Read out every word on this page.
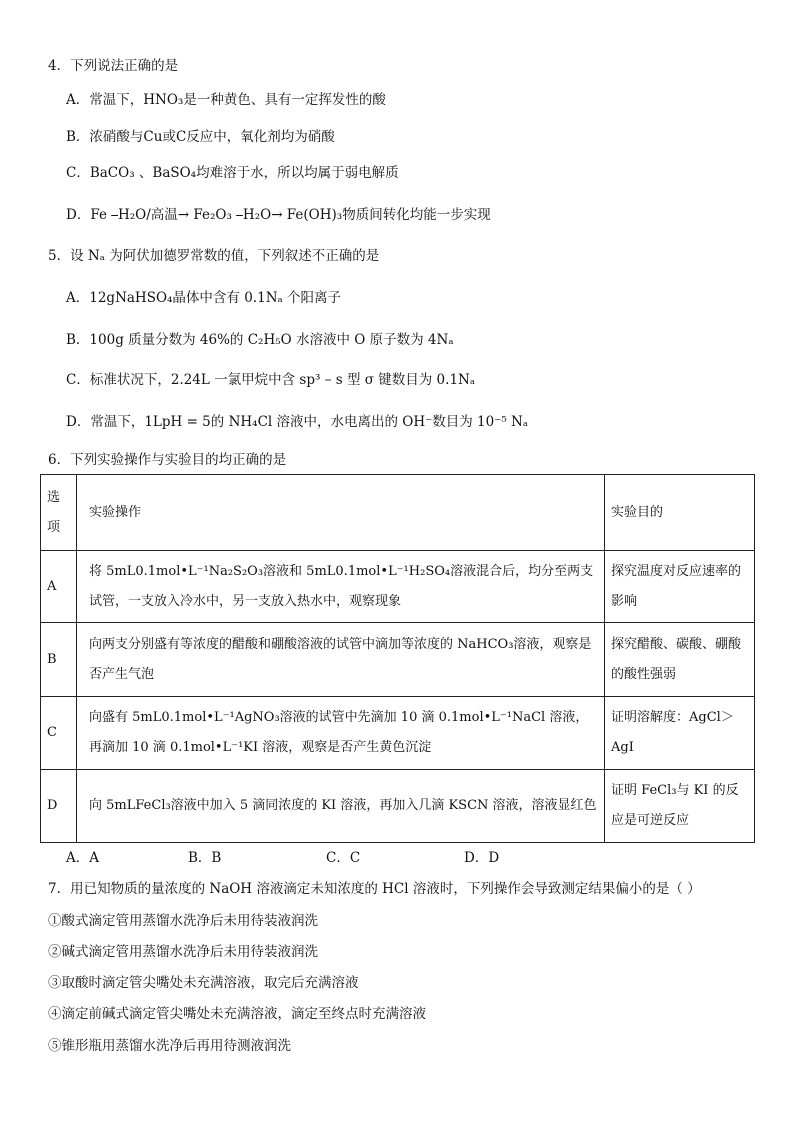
4．下列说法正确的是
A．常温下，HNO₃是一种黄色、具有一定挥发性的酸
B．浓硝酸与Cu或C反应中，氧化剂均为硝酸
C．BaCO₃ 、BaSO₄均难溶于水，所以均属于弱电解质
D．Fe ⎯H₂O/高温→ Fe₂O₃ ⎯H₂O→ Fe(OH)₃物质间转化均能一步实现
5．设 Nₐ 为阿伏加德罗常数的值，下列叙述不正确的是
A．12gNaHSO₄晶体中含有 0.1Nₐ 个阳离子
B．100g 质量分数为 46%的 C₂H₅O 水溶液中 O 原子数为 4Nₐ
C．标准状况下，2.24L 一氯甲烷中含 sp³ – s 型 σ 键数目为 0.1Nₐ
D．常温下，1LpH = 5的 NH₄Cl 溶液中，水电离出的 OH⁻数目为 10⁻⁵ Nₐ
6．下列实验操作与实验目的均正确的是
选项	实验操作	实验目的

A	将 5mL0.1mol•L⁻¹Na₂S₂O₃溶液和 5mL0.1mol•L⁻¹H₂SO₄溶液混合后，均分至两支试管，一支放入冷水中，另一支放入热水中，观察现象	探究温度对反应速率的影响

B	向两支分别盛有等浓度的醋酸和硼酸溶液的试管中滴加等浓度的 NaHCO₃溶液，观察是否产生气泡	探究醋酸、碳酸、硼酸的酸性强弱

C	向盛有 5mL0.1mol•L⁻¹AgNO₃溶液的试管中先滴加 10 滴 0.1mol•L⁻¹NaCl 溶液，再滴加 10 滴 0.1mol•L⁻¹KI 溶液，观察是否产生黄色沉淀	证明溶解度：AgCl＞AgI

D	向 5mLFeCl₃溶液中加入 5 滴同浓度的 KI 溶液，再加入几滴 KSCN 溶液，溶液显红色	证明 FeCl₃与 KI 的反应是可逆反应
A．A	B．B	C．C	D．D
7．用已知物质的量浓度的 NaOH 溶液滴定未知浓度的 HCl 溶液时，下列操作会导致测定结果偏小的是（ ）
①酸式滴定管用蒸馏水洗净后未用待装液润洗
②碱式滴定管用蒸馏水洗净后未用待装液润洗
③取酸时滴定管尖嘴处未充满溶液，取完后充满溶液
④滴定前碱式滴定管尖嘴处未充满溶液，滴定至终点时充满溶液
⑤锥形瓶用蒸馏水洗净后再用待测液润洗
